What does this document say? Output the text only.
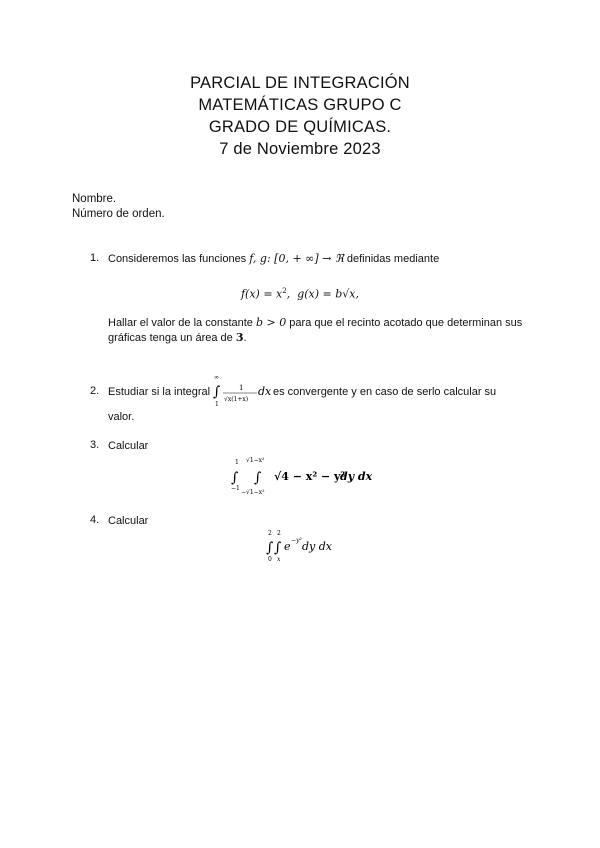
PARCIAL DE INTEGRACIÓN
MATEMÁTICAS GRUPO C
GRADO DE QUÍMICAS.
7 de Noviembre 2023
Nombre.
Número de orden.
1. Consideremos las funciones f, g: [0, + ∞] → ℜ definidas mediante
$f(x) = x^2$,  g(x) = b√x,
Hallar el valor de la constante b > 0 para que el recinto acotado que determinan sus
gráficas tenga un área de 3.
2. Estudiar si la integral
∞
∫
1
1
√x(1+x)
dx es convergente y en caso de serlo calcular su
valor.
3. Calcular
1
∫
−1
√1−x²
∫
−√1−x²
√4 − x² − y²
dy dx
4. Calcular
2 2
∫ ∫
0 x
e −y² dy dx
